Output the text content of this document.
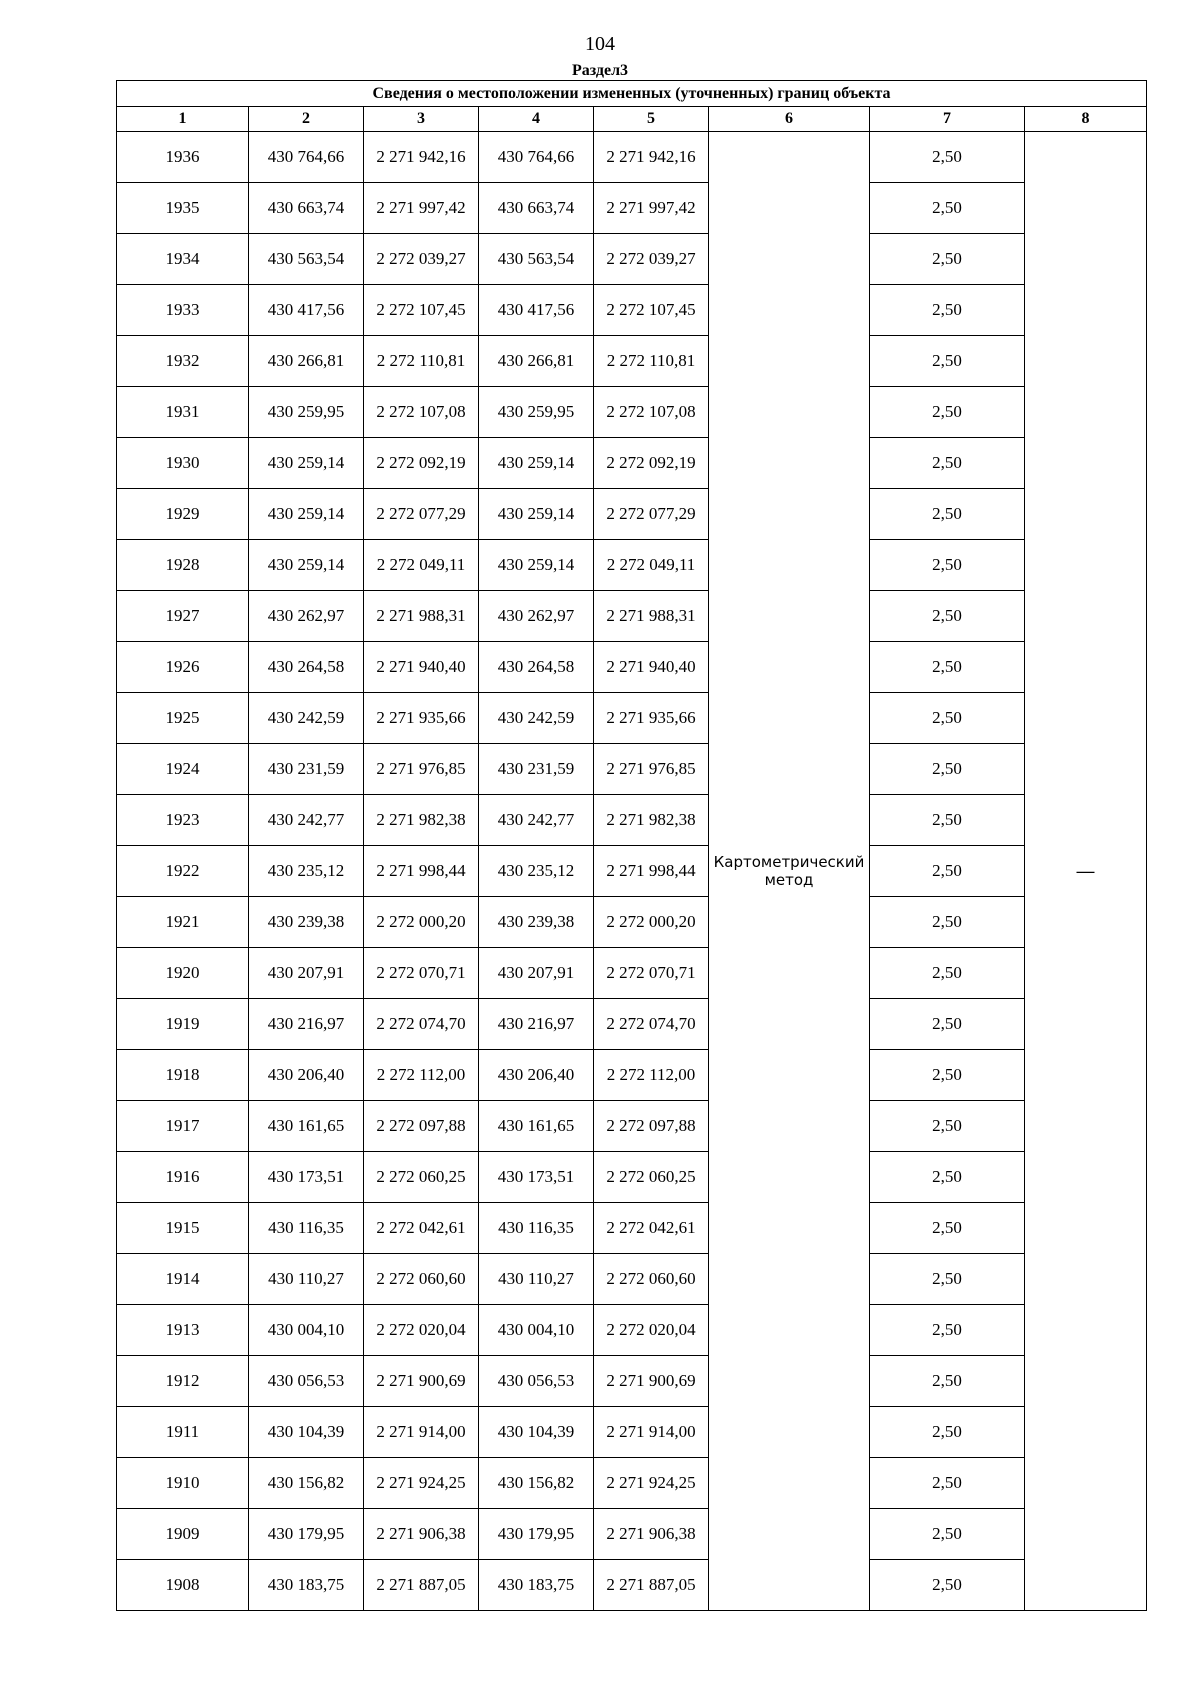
104
Раздел3
Сведения о местоположении измененных (уточненных) границ объекта							
1	2	3	4	5	6	7	8
1936	430 764,66	2 271 942,16	430 764,66	2 271 942,16	Картометрический метод	2,50	—
1935	430 663,74	2 271 997,42	430 663,74	2 271 997,42		2,50	
1934	430 563,54	2 272 039,27	430 563,54	2 272 039,27		2,50	
1933	430 417,56	2 272 107,45	430 417,56	2 272 107,45		2,50	
1932	430 266,81	2 272 110,81	430 266,81	2 272 110,81		2,50	
1931	430 259,95	2 272 107,08	430 259,95	2 272 107,08		2,50	
1930	430 259,14	2 272 092,19	430 259,14	2 272 092,19		2,50	
1929	430 259,14	2 272 077,29	430 259,14	2 272 077,29		2,50	
1928	430 259,14	2 272 049,11	430 259,14	2 272 049,11		2,50	
1927	430 262,97	2 271 988,31	430 262,97	2 271 988,31		2,50	
1926	430 264,58	2 271 940,40	430 264,58	2 271 940,40		2,50	
1925	430 242,59	2 271 935,66	430 242,59	2 271 935,66		2,50	
1924	430 231,59	2 271 976,85	430 231,59	2 271 976,85		2,50	
1923	430 242,77	2 271 982,38	430 242,77	2 271 982,38		2,50	
1922	430 235,12	2 271 998,44	430 235,12	2 271 998,44		2,50	
1921	430 239,38	2 272 000,20	430 239,38	2 272 000,20		2,50	
1920	430 207,91	2 272 070,71	430 207,91	2 272 070,71		2,50	
1919	430 216,97	2 272 074,70	430 216,97	2 272 074,70		2,50	
1918	430 206,40	2 272 112,00	430 206,40	2 272 112,00		2,50	
1917	430 161,65	2 272 097,88	430 161,65	2 272 097,88		2,50	
1916	430 173,51	2 272 060,25	430 173,51	2 272 060,25		2,50	
1915	430 116,35	2 272 042,61	430 116,35	2 272 042,61		2,50	
1914	430 110,27	2 272 060,60	430 110,27	2 272 060,60		2,50	
1913	430 004,10	2 272 020,04	430 004,10	2 272 020,04		2,50	
1912	430 056,53	2 271 900,69	430 056,53	2 271 900,69		2,50	
1911	430 104,39	2 271 914,00	430 104,39	2 271 914,00		2,50	
1910	430 156,82	2 271 924,25	430 156,82	2 271 924,25		2,50	
1909	430 179,95	2 271 906,38	430 179,95	2 271 906,38		2,50	
1908	430 183,75	2 271 887,05	430 183,75	2 271 887,05		2,50	
